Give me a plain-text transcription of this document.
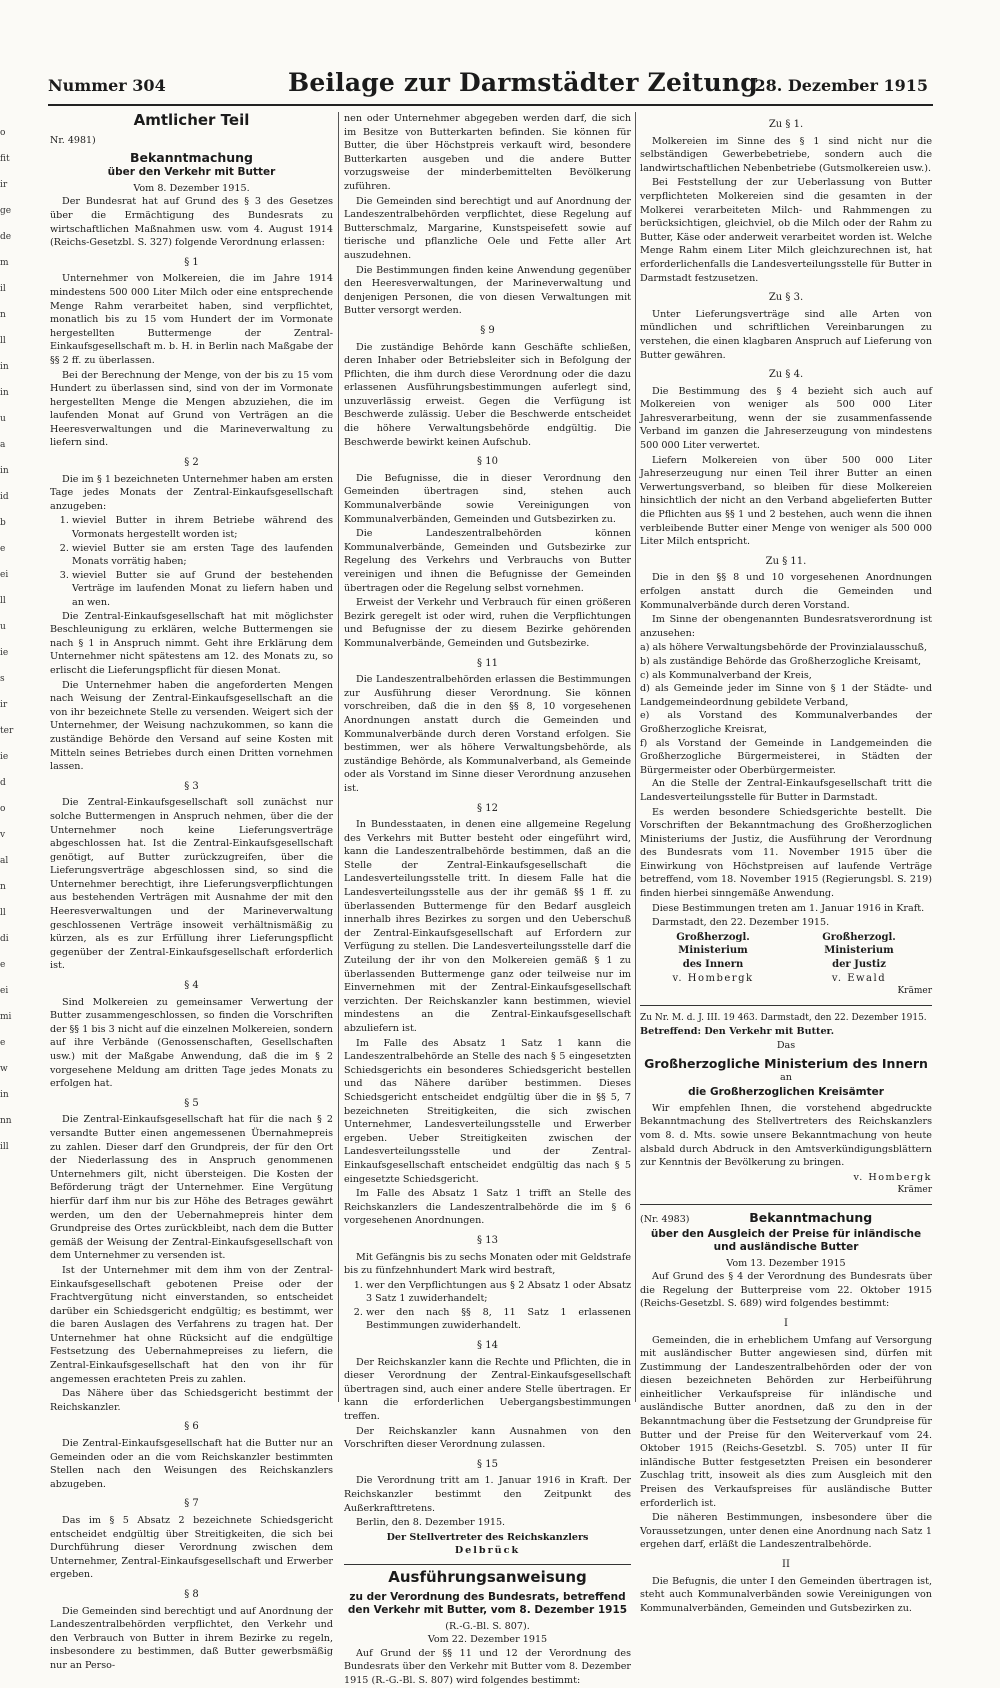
Nummer 304	Beilage zur Darmstädter Zeitung
28. Dezember 1915
o
fit
ir
ge
de
m
il
n
ll
in
in
u
a
in
id
b
e
ei
ll
u
ie
s
ir
ter
ie
d
o
v
al
n
ll
di
e
ei
mi
e
w
in
nn
ill
Amtlicher Teil
Nr. 4981)
Bekanntmachung
über den Verkehr mit Butter
Vom 8. Dezember 1915.

Der Bundesrat hat auf Grund des § 3 des Gesetzes über die Ermächtigung des Bundesrats zu wirtschaftlichen Maßnahmen usw. vom 4. August 1914 (Reichs-Gesetzbl. S. 327) folgende Verordnung erlassen:

§ 1

Unternehmer von Molkereien, die im Jahre 1914 mindestens 500 000 Liter Milch oder eine entsprechende Menge Rahm verarbeitet haben, sind verpflichtet, monatlich bis zu 15 vom Hundert der im Vormonate hergestellten Buttermenge der Zentral-Einkaufsgesellschaft m. b. H. in Berlin nach Maßgabe der §§ 2 ff. zu überlassen.

Bei der Berechnung der Menge, von der bis zu 15 vom Hundert zu überlassen sind, sind von der im Vormonate hergestellten Menge die Mengen abzuziehen, die im laufenden Monat auf Grund von Verträgen an die Heeresverwaltungen und die Marineverwaltung zu liefern sind.

§ 2

Die im § 1 bezeichneten Unternehmer haben am ersten Tage jedes Monats der Zentral-Einkaufsgesellschaft anzugeben:

1. wieviel Butter in ihrem Betriebe während des Vormonats hergestellt worden ist;
2. wieviel Butter sie am ersten Tage des laufenden Monats vorrätig haben;
3. wieviel Butter sie auf Grund der bestehenden Verträge im laufenden Monat zu liefern haben und an wen.

Die Zentral-Einkaufsgesellschaft hat mit möglichster Beschleunigung zu erklären, welche Buttermengen sie nach § 1 in Anspruch nimmt. Geht ihre Erklärung dem Unternehmer nicht spätestens am 12. des Monats zu, so erlischt die Lieferungspflicht für diesen Monat.

Die Unternehmer haben die angeforderten Mengen nach Weisung der Zentral-Einkaufsgesellschaft an die von ihr bezeichnete Stelle zu versenden. Weigert sich der Unternehmer, der Weisung nachzukommen, so kann die zuständige Behörde den Versand auf seine Kosten mit Mitteln seines Betriebes durch einen Dritten vornehmen lassen.

§ 3

Die Zentral-Einkaufsgesellschaft soll zunächst nur solche Buttermengen in Anspruch nehmen, über die der Unternehmer noch keine Lieferungsverträge abgeschlossen hat. Ist die Zentral-Einkaufsgesellschaft genötigt, auf Butter zurückzugreifen, über die Lieferungsverträge abgeschlossen sind, so sind die Unternehmer berechtigt, ihre Lieferungsverpflichtungen aus bestehenden Verträgen mit Ausnahme der mit den Heeresverwaltungen und der Marineverwaltung geschlossenen Verträge insoweit verhältnismäßig zu kürzen, als es zur Erfüllung ihrer Lieferungspflicht gegenüber der Zentral-Einkaufsgesellschaft erforderlich ist.

§ 4

Sind Molkereien zu gemeinsamer Verwertung der Butter zusammengeschlossen, so finden die Vorschriften der §§ 1 bis 3 nicht auf die einzelnen Molkereien, sondern auf ihre Verbände (Genossenschaften, Gesellschaften usw.) mit der Maßgabe Anwendung, daß die im § 2 vorgesehene Meldung am dritten Tage jedes Monats zu erfolgen hat.

§ 5

Die Zentral-Einkaufsgesellschaft hat für die nach § 2 versandte Butter einen angemessenen Übernahmepreis zu zahlen. Dieser darf den Grundpreis, der für den Ort der Niederlassung des in Anspruch genommenen Unternehmers gilt, nicht übersteigen. Die Kosten der Beförderung trägt der Unternehmer. Eine Vergütung hierfür darf ihm nur bis zur Höhe des Betrages gewährt werden, um den der Uebernahmepreis hinter dem Grundpreise des Ortes zurückbleibt, nach dem die Butter gemäß der Weisung der Zentral-Einkaufsgesellschaft von dem Unternehmer zu versenden ist.

Ist der Unternehmer mit dem ihm von der Zentral-Einkaufsgesellschaft gebotenen Preise oder der Frachtvergütung nicht einverstanden, so entscheidet darüber ein Schiedsgericht endgültig; es bestimmt, wer die baren Auslagen des Verfahrens zu tragen hat. Der Unternehmer hat ohne Rücksicht auf die endgültige Festsetzung des Uebernahmepreises zu liefern, die Zentral-Einkaufsgesellschaft hat den von ihr für angemessen erachteten Preis zu zahlen.

Das Nähere über das Schiedsgericht bestimmt der Reichskanzler.

§ 6

Die Zentral-Einkaufsgesellschaft hat die Butter nur an Gemeinden oder an die vom Reichskanzler bestimmten Stellen nach den Weisungen des Reichskanzlers abzugeben.

§ 7

Das im § 5 Absatz 2 bezeichnete Schiedsgericht entscheidet endgültig über Streitigkeiten, die sich bei Durchführung dieser Verordnung zwischen dem Unternehmer, Zentral-Einkaufsgesellschaft und Erwerber ergeben.

§ 8

Die Gemeinden sind berechtigt und auf Anordnung der Landeszentralbehörden verpflichtet, den Verkehr und den Verbrauch von Butter in ihrem Bezirke zu regeln, insbesondere zu bestimmen, daß Butter gewerbsmäßig nur an Perso-

nen oder Unternehmer abgegeben werden darf, die sich im Besitze von Butterkarten befinden. Sie können für Butter, die über Höchstpreis verkauft wird, besondere Butterkarten ausgeben und die andere Butter vorzugsweise der minderbemittelten Bevölkerung zuführen.

Die Gemeinden sind berechtigt und auf Anordnung der Landeszentralbehörden verpflichtet, diese Regelung auf Butterschmalz, Margarine, Kunstspeisefett sowie auf tierische und pflanzliche Oele und Fette aller Art auszudehnen.

Die Bestimmungen finden keine Anwendung gegenüber den Heeresverwaltungen, der Marineverwaltung und denjenigen Personen, die von diesen Verwaltungen mit Butter versorgt werden.

§ 9

Die zuständige Behörde kann Geschäfte schließen, deren Inhaber oder Betriebsleiter sich in Befolgung der Pflichten, die ihm durch diese Verordnung oder die dazu erlassenen Ausführungsbestimmungen auferlegt sind, unzuverlässig erweist. Gegen die Verfügung ist Beschwerde zulässig. Ueber die Beschwerde entscheidet die höhere Verwaltungsbehörde endgültig. Die Beschwerde bewirkt keinen Aufschub.

§ 10

Die Befugnisse, die in dieser Verordnung den Gemeinden übertragen sind, stehen auch Kommunalverbände sowie Vereinigungen von Kommunalverbänden, Gemeinden und Gutsbezirken zu.

Die Landeszentralbehörden können Kommunalverbände, Gemeinden und Gutsbezirke zur Regelung des Verkehrs und Verbrauchs von Butter vereinigen und ihnen die Befugnisse der Gemeinden übertragen oder die Regelung selbst vornehmen.

Erweist der Verkehr und Verbrauch für einen größeren Bezirk geregelt ist oder wird, ruhen die Verpflichtungen und Befugnisse der zu diesem Bezirke gehörenden Kommunalverbände, Gemeinden und Gutsbezirke.

§ 11

Die Landeszentralbehörden erlassen die Bestimmungen zur Ausführung dieser Verordnung. Sie können vorschreiben, daß die in den §§ 8, 10 vorgesehenen Anordnungen anstatt durch die Gemeinden und Kommunalverbände durch deren Vorstand erfolgen. Sie bestimmen, wer als höhere Verwaltungsbehörde, als zuständige Behörde, als Kommunalverband, als Gemeinde oder als Vorstand im Sinne dieser Verordnung anzusehen ist.

§ 12

In Bundesstaaten, in denen eine allgemeine Regelung des Verkehrs mit Butter besteht oder eingeführt wird, kann die Landeszentralbehörde bestimmen, daß an die Stelle der Zentral-Einkaufsgesellschaft die Landesverteilungsstelle tritt. In diesem Falle hat die Landesverteilungsstelle aus der ihr gemäß §§ 1 ff. zu überlassenden Buttermenge für den Bedarf ausgleich innerhalb ihres Bezirkes zu sorgen und den Ueberschuß der Zentral-Einkaufsgesellschaft auf Erfordern zur Verfügung zu stellen. Die Landesverteilungsstelle darf die Zuteilung der ihr von den Molkereien gemäß § 1 zu überlassenden Buttermenge ganz oder teilweise nur im Einvernehmen mit der Zentral-Einkaufsgesellschaft verzichten. Der Reichskanzler kann bestimmen, wieviel mindestens an die Zentral-Einkaufsgesellschaft abzuliefern ist.

Im Falle des Absatz 1 Satz 1 kann die Landeszentralbehörde an Stelle des nach § 5 eingesetzten Schiedsgerichts ein besonderes Schiedsgericht bestellen und das Nähere darüber bestimmen. Dieses Schiedsgericht entscheidet endgültig über die in §§ 5, 7 bezeichneten Streitigkeiten, die sich zwischen Unternehmer, Landesverteilungsstelle und Erwerber ergeben. Ueber Streitigkeiten zwischen der Landesverteilungsstelle und der Zentral-Einkaufsgesellschaft entscheidet endgültig das nach § 5 eingesetzte Schiedsgericht.

Im Falle des Absatz 1 Satz 1 trifft an Stelle des Reichskanzlers die Landeszentralbehörde die im § 6 vorgesehenen Anordnungen.

§ 13

Mit Gefängnis bis zu sechs Monaten oder mit Geldstrafe bis zu fünfzehnhundert Mark wird bestraft,

1. wer den Verpflichtungen aus § 2 Absatz 1 oder Absatz 3 Satz 1 zuwiderhandelt;
2. wer den nach §§ 8, 11 Satz 1 erlassenen Bestimmungen zuwiderhandelt.
§ 14

Der Reichskanzler kann die Rechte und Pflichten, die in dieser Verordnung der Zentral-Einkaufsgesellschaft übertragen sind, auch einer andere Stelle übertragen. Er kann die erforderlichen Uebergangsbestimmungen treffen.

Der Reichskanzler kann Ausnahmen von den Vorschriften dieser Verordnung zulassen.

§ 15

Die Verordnung tritt am 1. Januar 1916 in Kraft. Der Reichskanzler bestimmt den Zeitpunkt des Außerkrafttretens.

Berlin, den 8. Dezember 1915.

Der Stellvertreter des Reichskanzlers
Delbrück
Ausführungsanweisung
zu der Verordnung des Bundesrats, betreffend den Verkehr mit Butter, vom 8. Dezember 1915
(R.-G.-Bl. S. 807).
Vom 22. Dezember 1915

Auf Grund der §§ 11 und 12 der Verordnung des Bundesrats über den Verkehr mit Butter vom 8. Dezember 1915 (R.-G.-Bl. S. 807) wird folgendes bestimmt:

Zu § 1.

Molkereien im Sinne des § 1 sind nicht nur die selbständigen Gewerbebetriebe, sondern auch die landwirtschaftlichen Nebenbetriebe (Gutsmolkereien usw.).

Bei Feststellung der zur Ueberlassung von Butter verpflichteten Molkereien sind die gesamten in der Molkerei verarbeiteten Milch- und Rahmmengen zu berücksichtigen, gleichviel, ob die Milch oder der Rahm zu Butter, Käse oder anderweit verarbeitet worden ist. Welche Menge Rahm einem Liter Milch gleichzurechnen ist, hat erforderlichenfalls die Landesverteilungsstelle für Butter in Darmstadt festzusetzen.

Zu § 3.

Unter Lieferungsverträge sind alle Arten von mündlichen und schriftlichen Vereinbarungen zu verstehen, die einen klagbaren Anspruch auf Lieferung von Butter gewähren.

Zu § 4.

Die Bestimmung des § 4 bezieht sich auch auf Molkereien von weniger als 500 000 Liter Jahresverarbeitung, wenn der sie zusammenfassende Verband im ganzen die Jahreserzeugung von mindestens 500 000 Liter verwertet.

Liefern Molkereien von über 500 000 Liter Jahreserzeugung nur einen Teil ihrer Butter an einen Verwertungsverband, so bleiben für diese Molkereien hinsichtlich der nicht an den Verband abgelieferten Butter die Pflichten aus §§ 1 und 2 bestehen, auch wenn die ihnen verbleibende Butter einer Menge von weniger als 500 000 Liter Milch entspricht.

Zu § 11.

Die in den §§ 8 und 10 vorgesehenen Anordnungen erfolgen anstatt durch die Gemeinden und Kommunalverbände durch deren Vorstand.

Im Sinne der obengenannten Bundesratsverordnung ist anzusehen:

a) als höhere Verwaltungsbehörde der Provinzialausschuß,
b) als zuständige Behörde das Großherzogliche Kreisamt,
c) als Kommunalverband der Kreis,
d) als Gemeinde jeder im Sinne von § 1 der Städte- und Landgemeindeordnung gebildete Verband,
e) als Vorstand des Kommunalverbandes der Großherzogliche Kreisrat,
f) als Vorstand der Gemeinde in Landgemeinden die Großherzogliche Bürgermeisterei, in Städten der Bürgermeister oder Oberbürgermeister.

An die Stelle der Zentral-Einkaufsgesellschaft tritt die Landesverteilungsstelle für Butter in Darmstadt.

Es werden besondere Schiedsgerichte bestellt. Die Vorschriften der Bekanntmachung des Großherzoglichen Ministeriums der Justiz, die Ausführung der Verordnung des Bundesrats vom 11. November 1915 über die Einwirkung von Höchstpreisen auf laufende Verträge betreffend, vom 18. November 1915 (Regierungsbl. S. 219) finden hierbei sinngemäße Anwendung.

Diese Bestimmungen treten am 1. Januar 1916 in Kraft.

Darmstadt, den 22. Dezember 1915.

Großherzogl. Ministerium
des Innern
v. Hombergk
Großherzogl. Ministerium
der Justiz
v. Ewald
Krämer
Zu Nr. M. d. J. III. 19 463. Darmstadt, den 22. Dezember 1915.
Betreffend: Den Verkehr mit Butter.
Das
Großherzogliche Ministerium des Innern
an
die Großherzoglichen Kreisämter

Wir empfehlen Ihnen, die vorstehend abgedruckte Bekanntmachung des Stellvertreters des Reichskanzlers vom 8. d. Mts. sowie unsere Bekanntmachung von heute alsbald durch Abdruck in den Amtsverkündigungsblättern zur Kenntnis der Bevölkerung zu bringen.

v. Hombergk
Krämer
(Nr. 4983)	Bekanntmachung
über den Ausgleich der Preise für inländische und ausländische Butter
Vom 13. Dezember 1915

Auf Grund des § 4 der Verordnung des Bundesrats über die Regelung der Butterpreise vom 22. Oktober 1915 (Reichs-Gesetzbl. S. 689) wird folgendes bestimmt:

I

Gemeinden, die in erheblichem Umfang auf Versorgung mit ausländischer Butter angewiesen sind, dürfen mit Zustimmung der Landeszentralbehörden oder der von diesen bezeichneten Behörden zur Herbeiführung einheitlicher Verkaufspreise für inländische und ausländische Butter anordnen, daß zu den in der Bekanntmachung über die Festsetzung der Grundpreise für Butter und der Preise für den Weiterverkauf vom 24. Oktober 1915 (Reichs-Gesetzbl. S. 705) unter II für inländische Butter festgesetzten Preisen ein besonderer Zuschlag tritt, insoweit als dies zum Ausgleich mit den Preisen des Verkaufspreises für ausländische Butter erforderlich ist.

Die näheren Bestimmungen, insbesondere über die Voraussetzungen, unter denen eine Anordnung nach Satz 1 ergehen darf, erläßt die Landeszentralbehörde.

II

Die Befugnis, die unter I den Gemeinden übertragen ist, steht auch Kommunalverbänden sowie Vereinigungen von Kommunalverbänden, Gemeinden und Gutsbezirken zu.
